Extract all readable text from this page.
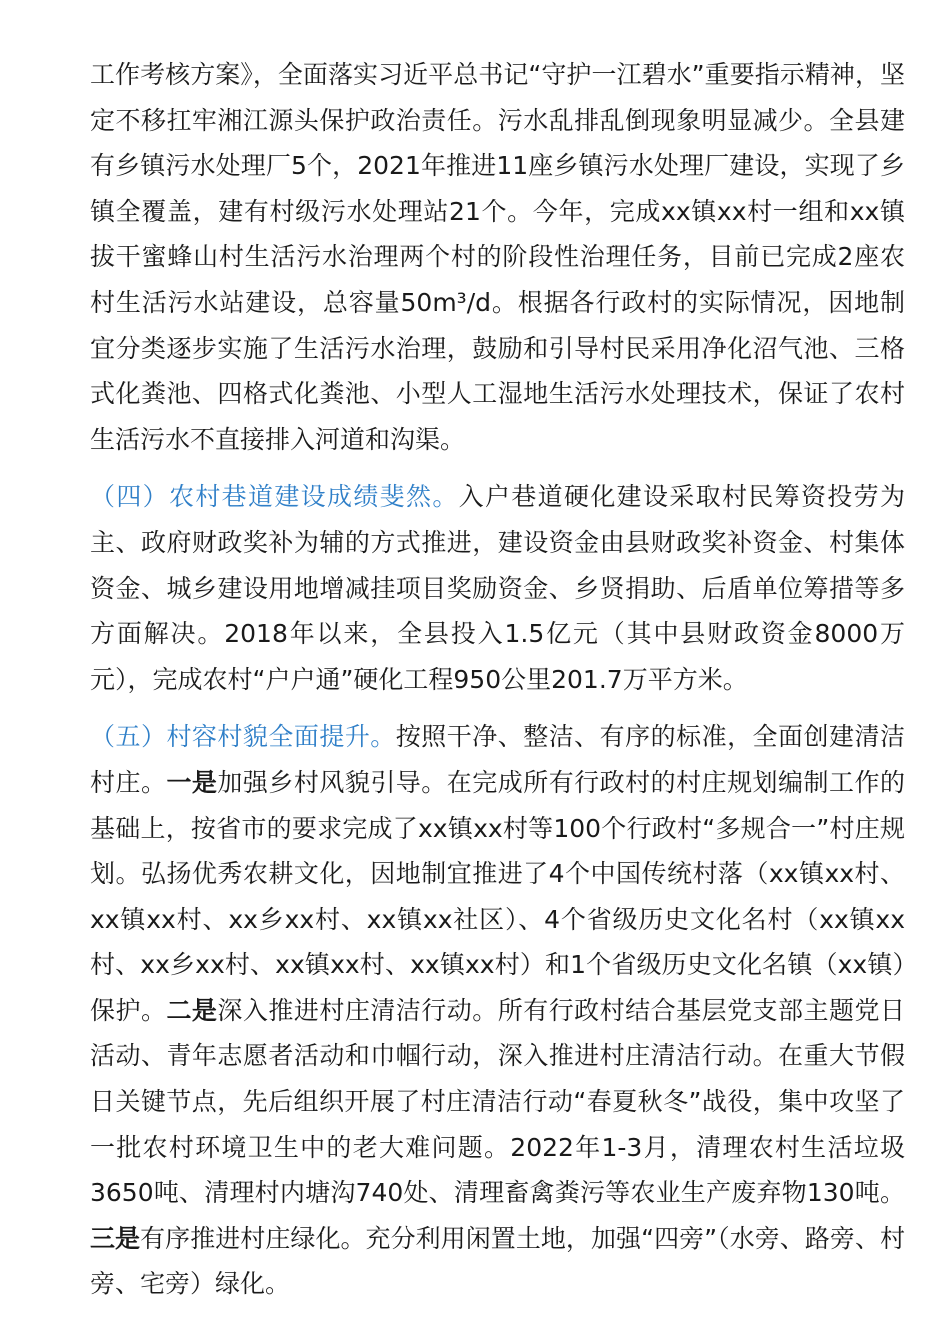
工作考核方案》，全面落实习近平总书记“守护一江碧水”重要指示精神，坚定不移扛牢湘江源头保护政治责任。污水乱排乱倒现象明显减少。全县建有乡镇污水处理厂5个，2021年推进11座乡镇污水处理厂建设，实现了乡镇全覆盖，建有村级污水处理站21个。今年，完成xx镇xx村一组和xx镇拔干蜜蜂山村生活污水治理两个村的阶段性治理任务，目前已完成2座农村生活污水站建设，总容量50m³/d。根据各行政村的实际情况，因地制宜分类逐步实施了生活污水治理，鼓励和引导村民采用净化沼气池、三格式化粪池、四格式化粪池、小型人工湿地生活污水处理技术，保证了农村生活污水不直接排入河道和沟渠。

（四）农村巷道建设成绩斐然。入户巷道硬化建设采取村民筹资投劳为主、政府财政奖补为辅的方式推进，建设资金由县财政奖补资金、村集体资金、城乡建设用地增减挂项目奖励资金、乡贤捐助、后盾单位筹措等多方面解决。2018年以来，全县投入1.5亿元（其中县财政资金8000万元），完成农村“户户通”硬化工程950公里201.7万平方米。

（五）村容村貌全面提升。按照干净、整洁、有序的标准，全面创建清洁村庄。一是加强乡村风貌引导。在完成所有行政村的村庄规划编制工作的基础上，按省市的要求完成了xx镇xx村等100个行政村“多规合一”村庄规划。弘扬优秀农耕文化，因地制宜推进了4个中国传统村落（xx镇xx村、xx镇xx村、xx乡xx村、xx镇xx社区）、4个省级历史文化名村（xx镇xx村、xx乡xx村、xx镇xx村、xx镇xx村）和1个省级历史文化名镇（xx镇）保护。二是深入推进村庄清洁行动。所有行政村结合基层党支部主题党日活动、青年志愿者活动和巾帼行动，深入推进村庄清洁行动。在重大节假日关键节点，先后组织开展了村庄清洁行动“春夏秋冬”战役，集中攻坚了一批农村环境卫生中的老大难问题。2022年1-3月，清理农村生活垃圾3650吨、清理村内塘沟740处、清理畜禽粪污等农业生产废弃物130吨。三是有序推进村庄绿化。充分利用闲置土地，加强“四旁”（水旁、路旁、村旁、宅旁）绿化。
